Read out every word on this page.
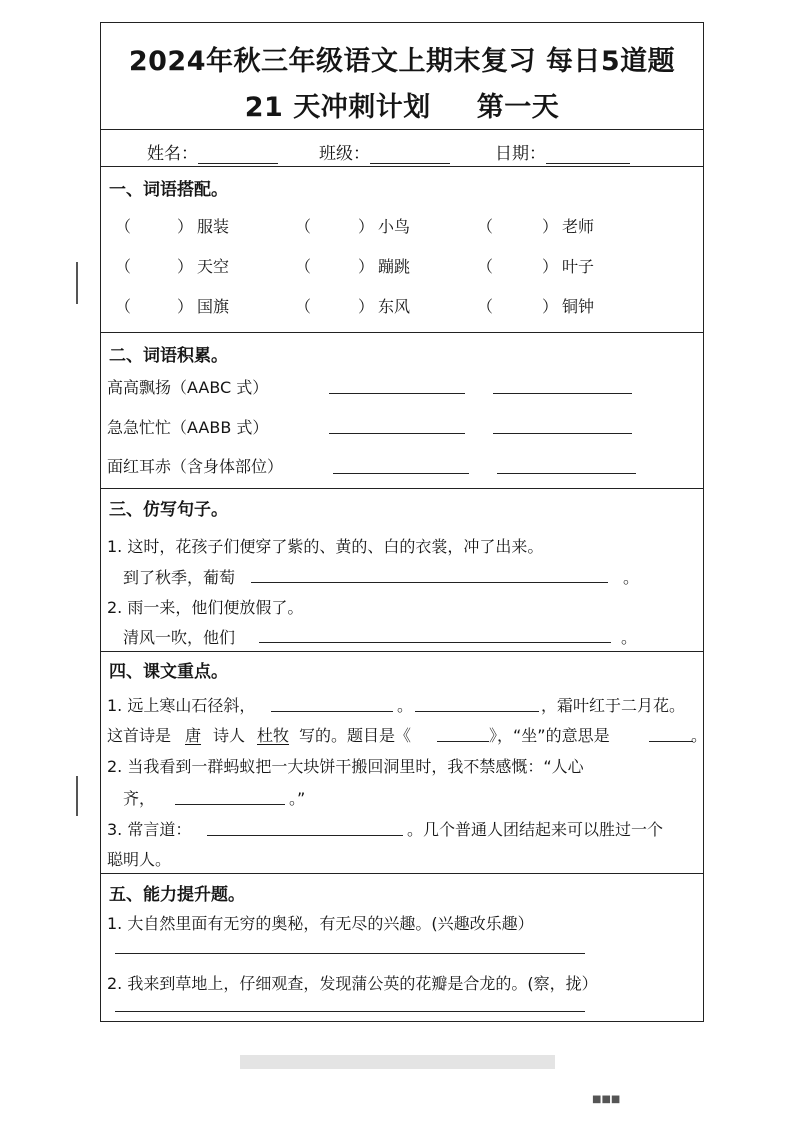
2024年秋三年级语文上期末复习 每日5道题
21 天冲刺计划 第一天
姓名：	班级：	日期：
一、词语搭配。
（	） 服装	（	） 小鸟	（	） 老师
（	） 天空	（	） 蹦跳	（	） 叶子
（	） 国旗	（	） 东风	（	） 铜钟
二、词语积累。
高高飘扬（AABC 式）
急急忙忙（AABB 式）
面红耳赤（含身体部位）
三、仿写句子。
1. 这时，花孩子们便穿了紫的、黄的、白的衣裳，冲了出来。
到了秋季，葡萄	。
2. 雨一来，他们便放假了。
清风一吹，他们	。
四、课文重点。
1. 远上寒山石径斜，	。	，霜叶红于二月花。
这首诗是 唐 诗人 杜牧 写的。题目是《	》，“坐”的意思是	。
2. 当我看到一群蚂蚁把一大块饼干搬回洞里时，我不禁感慨：“人心
齐，	。”
3. 常言道：	。几个普通人团结起来可以胜过一个
聪明人。
五、能力提升题。
1. 大自然里面有无穷的奥秘，有无尽的兴趣。(兴趣改乐趣）
2. 我来到草地上，仔细观查，发现蒲公英的花瓣是合龙的。(察，拢）
■■■
